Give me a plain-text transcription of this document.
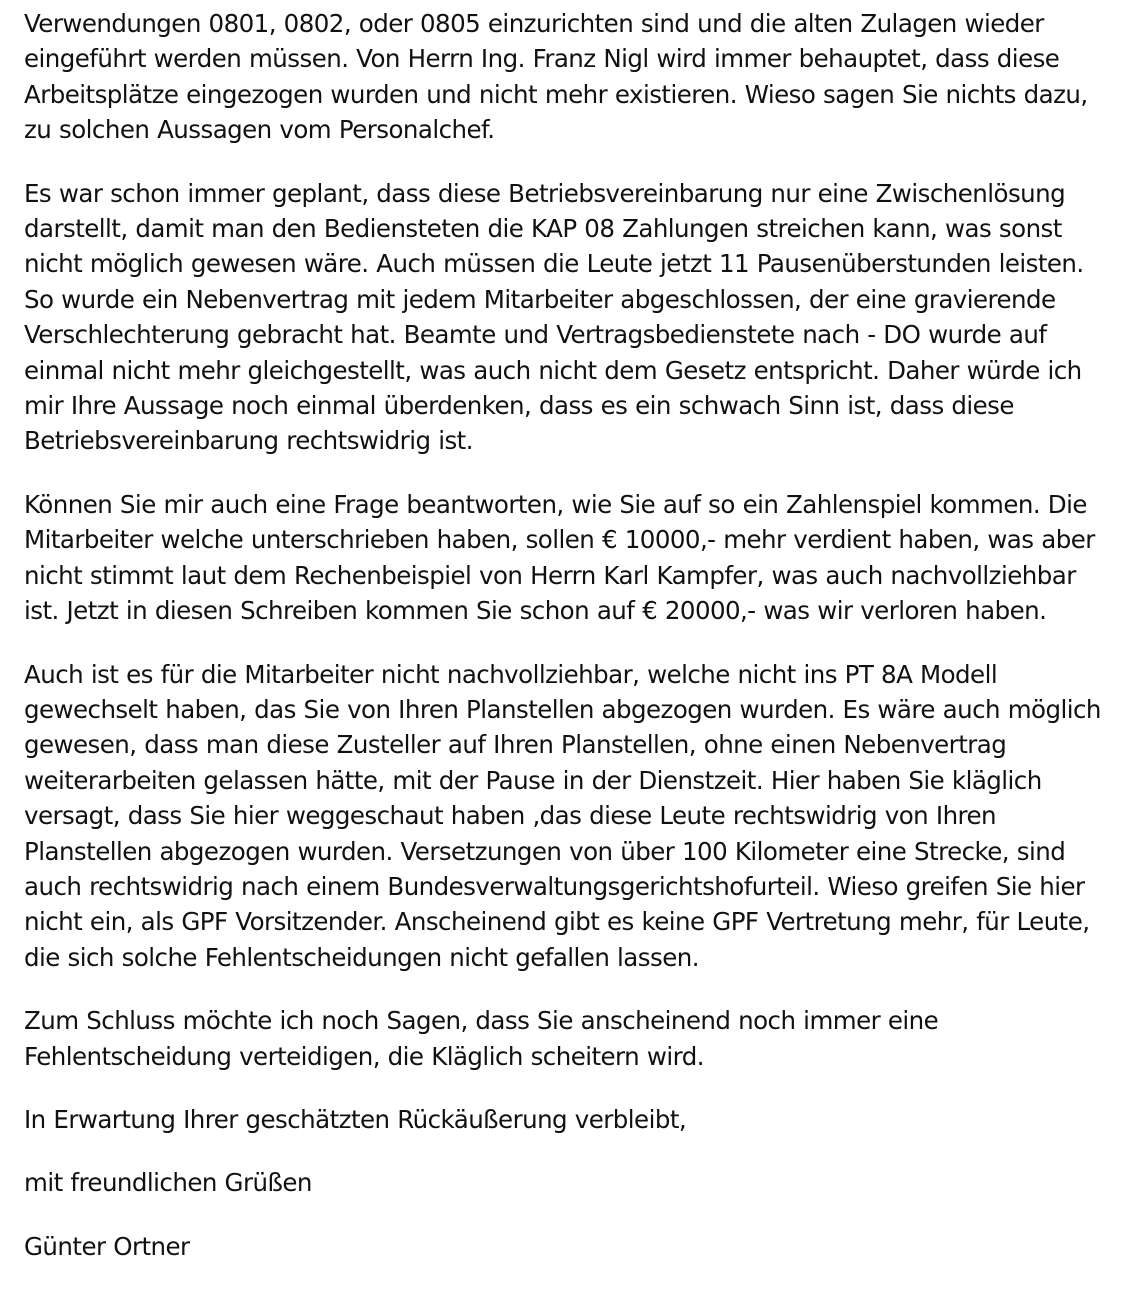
Verwendungen 0801, 0802, oder 0805 einzurichten sind und die alten Zulagen wieder
eingeführt werden müssen. Von Herrn Ing. Franz Nigl wird immer behauptet, dass diese
Arbeitsplätze eingezogen wurden und nicht mehr existieren. Wieso sagen Sie nichts dazu,
zu solchen Aussagen vom Personalchef.

Es war schon immer geplant, dass diese Betriebsvereinbarung nur eine Zwischenlösung
darstellt, damit man den Bediensteten die KAP 08 Zahlungen streichen kann, was sonst
nicht möglich gewesen wäre. Auch müssen die Leute jetzt 11 Pausenüberstunden leisten.
So wurde ein Nebenvertrag mit jedem Mitarbeiter abgeschlossen, der eine gravierende
Verschlechterung gebracht hat. Beamte und Vertragsbedienstete nach - DO wurde auf
einmal nicht mehr gleichgestellt, was auch nicht dem Gesetz entspricht. Daher würde ich
mir Ihre Aussage noch einmal überdenken, dass es ein schwach Sinn ist, dass diese
Betriebsvereinbarung rechtswidrig ist.

Können Sie mir auch eine Frage beantworten, wie Sie auf so ein Zahlenspiel kommen. Die
Mitarbeiter welche unterschrieben haben, sollen € 10000,- mehr verdient haben, was aber
nicht stimmt laut dem Rechenbeispiel von Herrn Karl Kampfer, was auch nachvollziehbar
ist. Jetzt in diesen Schreiben kommen Sie schon auf € 20000,- was wir verloren haben.

Auch ist es für die Mitarbeiter nicht nachvollziehbar, welche nicht ins PT 8A Modell
gewechselt haben, das Sie von Ihren Planstellen abgezogen wurden. Es wäre auch möglich
gewesen, dass man diese Zusteller auf Ihren Planstellen, ohne einen Nebenvertrag
weiterarbeiten gelassen hätte, mit der Pause in der Dienstzeit. Hier haben Sie kläglich
versagt, dass Sie hier weggeschaut haben ,das diese Leute rechtswidrig von Ihren
Planstellen abgezogen wurden. Versetzungen von über 100 Kilometer eine Strecke, sind
auch rechtswidrig nach einem Bundesverwaltungsgerichtshofurteil. Wieso greifen Sie hier
nicht ein, als GPF Vorsitzender. Anscheinend gibt es keine GPF Vertretung mehr, für Leute,
die sich solche Fehlentscheidungen nicht gefallen lassen.

Zum Schluss möchte ich noch Sagen, dass Sie anscheinend noch immer eine
Fehlentscheidung verteidigen, die Kläglich scheitern wird.

In Erwartung Ihrer geschätzten Rückäußerung verbleibt,

mit freundlichen Grüßen

Günter Ortner
